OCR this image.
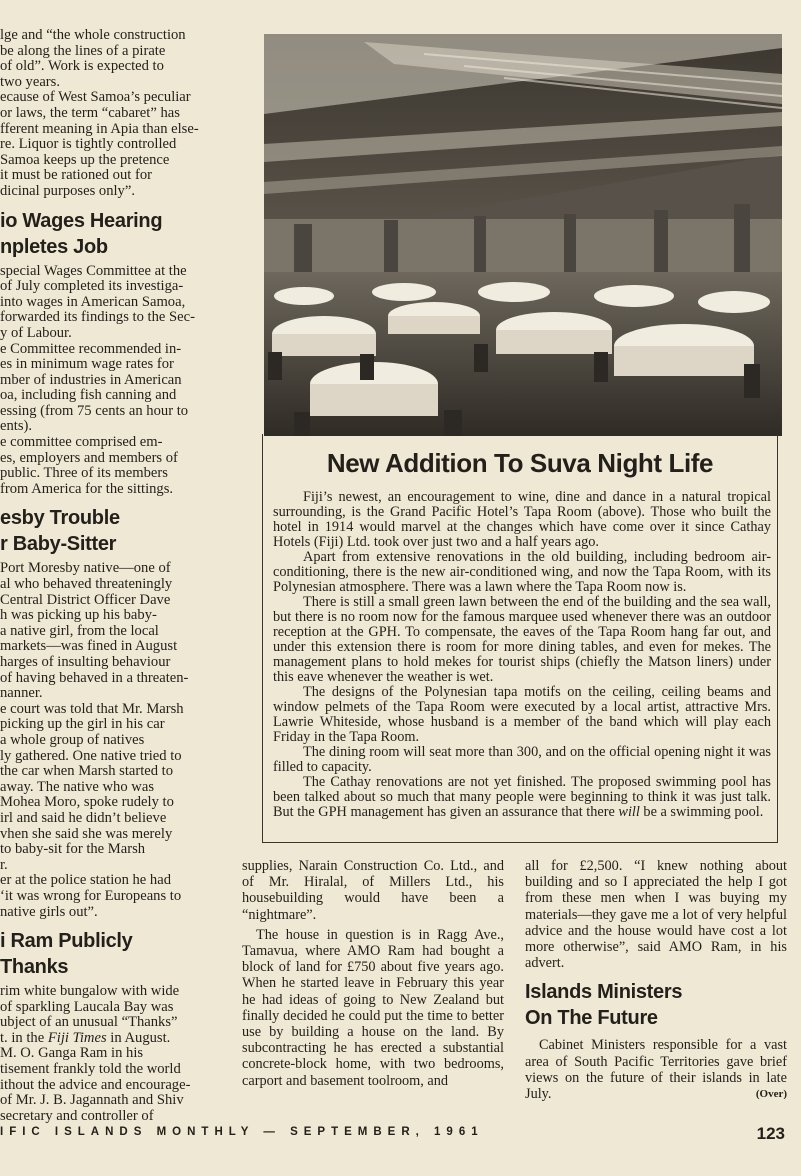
lge and “the whole construction

be along the lines of a pirate

of old”. Work is expected to

two years.

ecause of West Samoa’s peculiar

or laws, the term “cabaret” has

fferent meaning in Apia than else-

re. Liquor is tightly controlled

Samoa keeps up the pretence

it must be rationed out for

dicinal purposes only”.

io Wages Hearing

npletes Job

special Wages Committee at the

of July completed its investiga-

into wages in American Samoa,

forwarded its findings to the Sec-

y of Labour.

e Committee recommended in-

es in minimum wage rates for

mber of industries in American

oa, including fish canning and

essing (from 75 cents an hour to

ents).

e committee comprised em-

es, employers and members of

public. Three of its members

from America for the sittings.

esby Trouble

r Baby-Sitter

Port Moresby native—one of

al who behaved threateningly

Central District Officer Dave

h was picking up his baby-

a native girl, from the local

markets—was fined in August

harges of insulting behaviour

of having behaved in a threaten-

nanner.

e court was told that Mr. Marsh

picking up the girl in his car

a whole group of natives

ly gathered. One native tried to

the car when Marsh started to

away. The native who was

Mohea Moro, spoke rudely to

irl and said he didn’t believe

vhen she said she was merely

to baby-sit for the Marsh

r.

er at the police station he had

‘it was wrong for Europeans to

native girls out”.

i Ram Publicly

Thanks

rim white bungalow with wide

of sparkling Laucala Bay was

ubject of an unusual “Thanks”

t. in the Fiji Times in August.

M. O. Ganga Ram in his

tisement frankly told the world

ithout the advice and encourage-

of Mr. J. B. Jagannath and Shiv

secretary and controller of

New Addition To Suva Night Life

Fiji’s newest, an encouragement to wine, dine and dance in a natural tropical surrounding, is the Grand Pacific Hotel’s Tapa Room (above). Those who built the hotel in 1914 would marvel at the changes which have come over it since Cathay Hotels (Fiji) Ltd. took over just two and a half years ago.

Apart from extensive renovations in the old building, including bedroom air-conditioning, there is the new air-conditioned wing, and now the Tapa Room, with its Polynesian atmosphere. There was a lawn where the Tapa Room now is.

There is still a small green lawn between the end of the building and the sea wall, but there is no room now for the famous marquee used whenever there was an outdoor reception at the GPH. To compensate, the eaves of the Tapa Room hang far out, and under this extension there is room for more dining tables, and even for mekes. The management plans to hold mekes for tourist ships (chiefly the Matson liners) under this eave whenever the weather is wet.

The designs of the Polynesian tapa motifs on the ceiling, ceiling beams and window pelmets of the Tapa Room were executed by a local artist, attractive Mrs. Lawrie Whiteside, whose husband is a member of the band which will play each Friday in the Tapa Room.

The dining room will seat more than 300, and on the official opening night it was filled to capacity.

The Cathay renovations are not yet finished. The proposed swimming pool has been talked about so much that many people were beginning to think it was just talk. But the GPH management has given an assurance that there will be a swimming pool.

supplies, Narain Construction Co. Ltd., and of Mr. Hiralal, of Millers Ltd., his housebuilding would have been a “nightmare”.

The house in question is in Ragg Ave., Tamavua, where AMO Ram had bought a block of land for £750 about five years ago. When he started leave in February this year he had ideas of going to New Zealand but finally decided he could put the time to better use by building a house on the land. By subcontracting he has erected a substantial concrete-block home, with two bedrooms, carport and basement toolroom, and

all for £2,500. “I knew nothing about building and so I appreciated the help I got from these men when I was buying my materials—they gave me a lot of very helpful advice and the house would have cost a lot more otherwise”, said AMO Ram, in his advert.

Islands Ministers
On The Future

Cabinet Ministers responsible for a vast area of South Pacific Territories gave brief views on the future of their islands in late July.	(Over)

IFIC ISLANDS MONTHLY — SEPTEMBER, 1961	123
